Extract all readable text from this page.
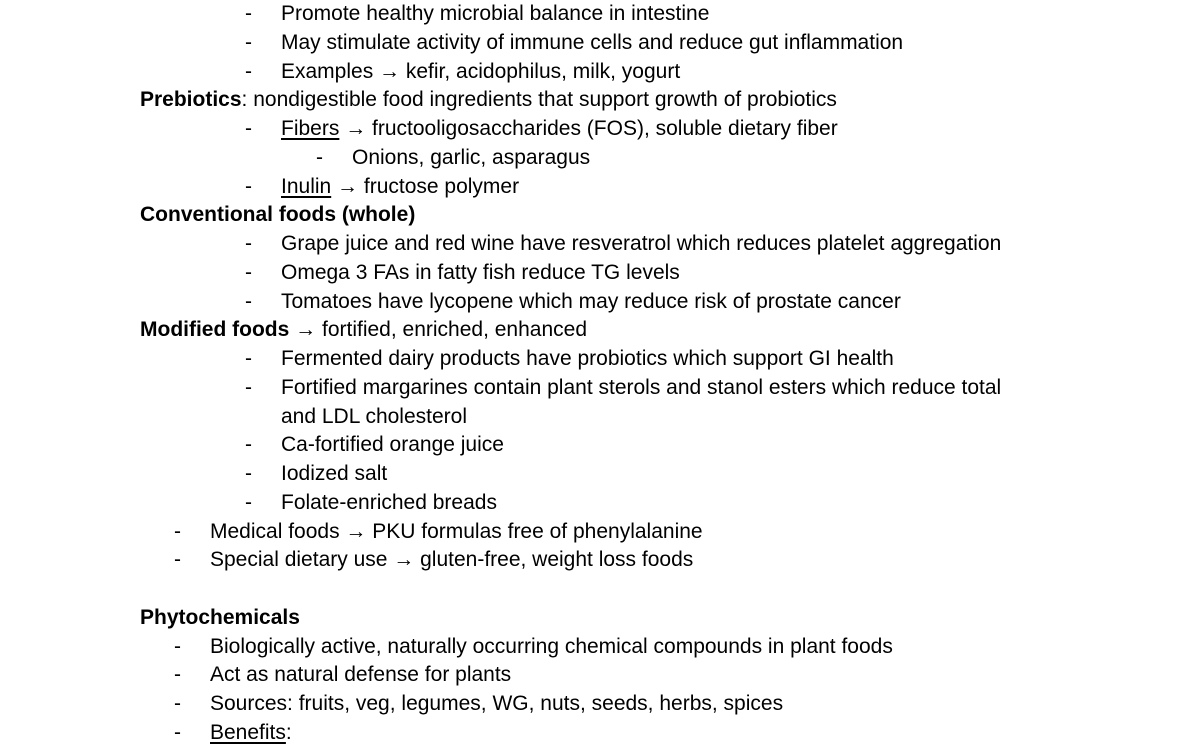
- Promote healthy microbial balance in intestine
- May stimulate activity of immune cells and reduce gut inflammation
- Examples → kefir, acidophilus, milk, yogurt
Prebiotics: nondigestible food ingredients that support growth of probiotics
- Fibers → fructooligosaccharides (FOS), soluble dietary fiber
- Onions, garlic, asparagus
- Inulin → fructose polymer
Conventional foods (whole)
- Grape juice and red wine have resveratrol which reduces platelet aggregation
- Omega 3 FAs in fatty fish reduce TG levels
- Tomatoes have lycopene which may reduce risk of prostate cancer
Modified foods → fortified, enriched, enhanced
- Fermented dairy products have probiotics which support GI health
- Fortified margarines contain plant sterols and stanol esters which reduce total
and LDL cholesterol
- Ca-fortified orange juice
- Iodized salt
- Folate-enriched breads
- Medical foods → PKU formulas free of phenylalanine
- Special dietary use → gluten-free, weight loss foods
Phytochemicals
- Biologically active, naturally occurring chemical compounds in plant foods
- Act as natural defense for plants
- Sources: fruits, veg, legumes, WG, nuts, seeds, herbs, spices
- Benefits:
